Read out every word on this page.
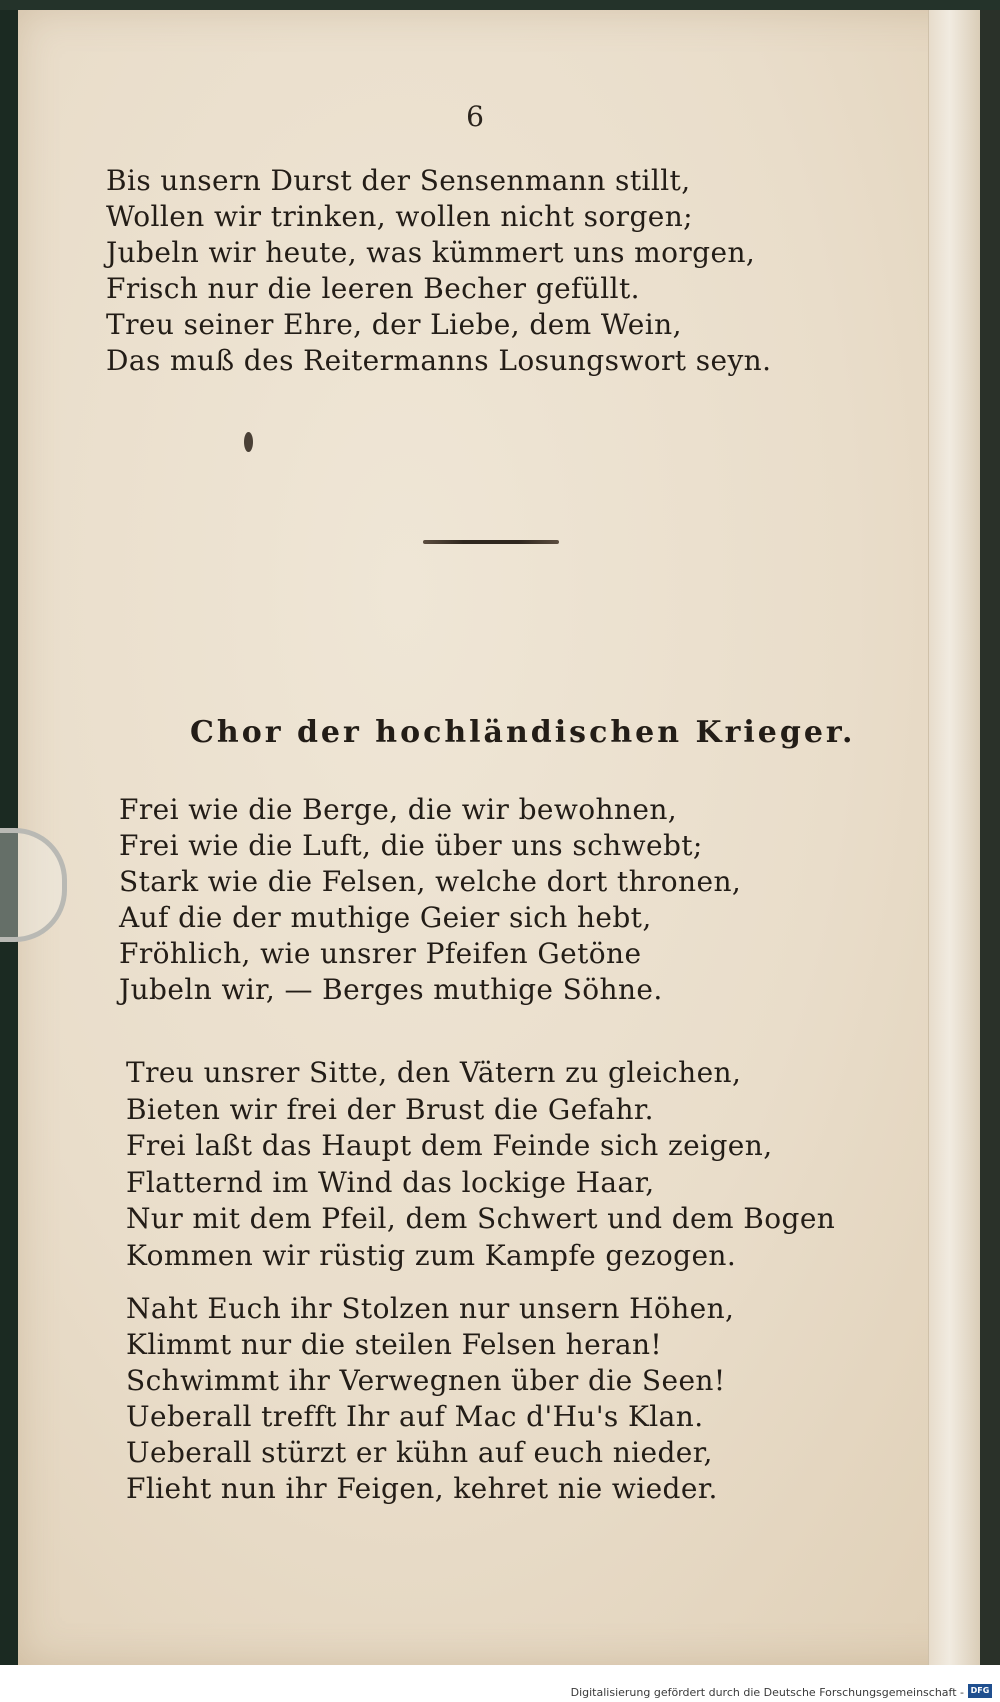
6
Bis unsern Durst der Sensenmann stillt,
Wollen wir trinken, wollen nicht sorgen;
Jubeln wir heute, was kümmert uns morgen,
Frisch nur die leeren Becher gefüllt.
Treu seiner Ehre, der Liebe, dem Wein,
Das muß des Reitermanns Losungswort seyn.
Chor der hochländischen Krieger.
Frei wie die Berge, die wir bewohnen,
Frei wie die Luft, die über uns schwebt;
Stark wie die Felsen, welche dort thronen,
Auf die der muthige Geier sich hebt,
Fröhlich, wie unsrer Pfeifen Getöne
Jubeln wir, — Berges muthige Söhne.
Treu unsrer Sitte, den Vätern zu gleichen,
Bieten wir frei der Brust die Gefahr.
Frei laßt das Haupt dem Feinde sich zeigen,
Flatternd im Wind das lockige Haar,
Nur mit dem Pfeil, dem Schwert und dem Bogen
Kommen wir rüstig zum Kampfe gezogen.
Naht Euch ihr Stolzen nur unsern Höhen,
Klimmt nur die steilen Felsen heran!
Schwimmt ihr Verwegnen über die Seen!
Ueberall trefft Ihr auf Mac d'Hu's Klan.
Ueberall stürzt er kühn auf euch nieder,
Flieht nun ihr Feigen, kehret nie wieder.
Digitalisierung gefördert durch die Deutsche Forschungsgemeinschaft - DFG
